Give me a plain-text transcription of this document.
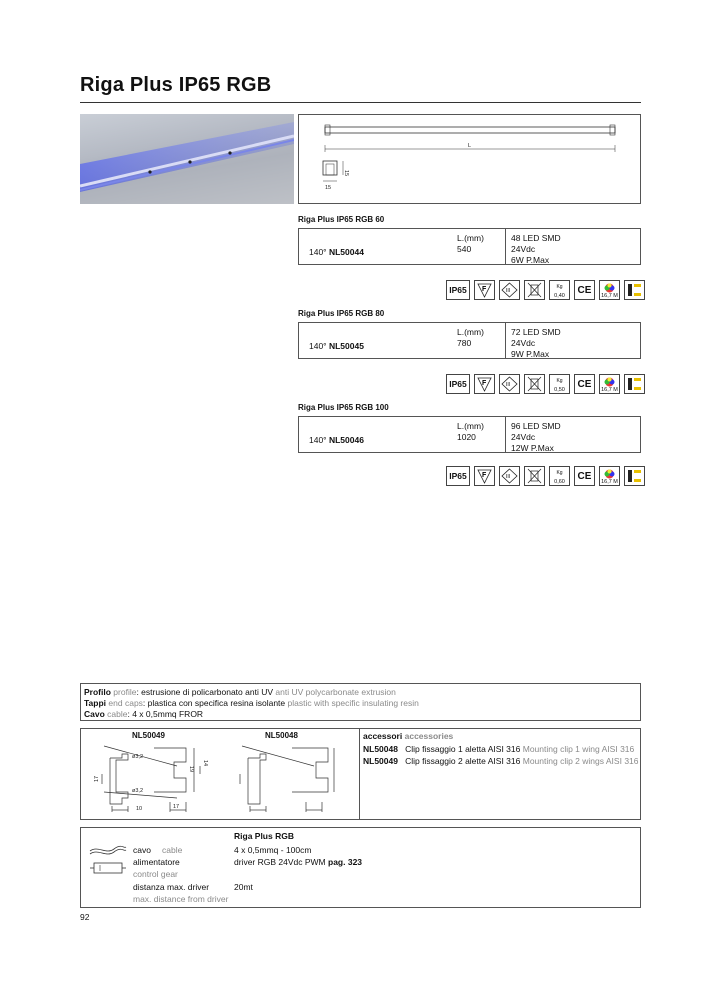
Riga Plus IP65 RGB
L
15
15
Riga Plus IP65 RGB 60
140° NL50044
L.(mm)
540
48 LED SMD
24Vdc
6W P.Max
IP65	F	III
Kg
0,40
CE
16,7 M
Riga Plus IP65 RGB 80
140° NL50045
L.(mm)
780
72 LED SMD
24Vdc
9W P.Max
IP65	F	III
Kg
0,50
CE
16,7 M
Riga Plus IP65 RGB 100
140° NL50046
L.(mm)
1020
96 LED SMD
24Vdc
12W P.Max
IP65	F	III
Kg
0,60
CE
16,7 M
Profilo profile: estrusione di policarbonato anti UV anti UV polycarbonate extrusion
Tappi end caps: plastica con specifica resina isolante plastic with specific insulating resin
Cavo cable: 4 x 0,5mmq FROR
NL50049	NL50048
ø3,2
ø3,2
17
14
19
10	17
accessori accessories
NL50048 Clip fissaggio 1 aletta AISI 316 Mounting clip 1 wing AISI 316
NL50049 Clip fissaggio 2 alette AISI 316 Mounting clip 2 wings AISI 316
Riga Plus RGB
cavo cable	4 x 0,5mmq - 100cm
alimentatore	driver RGB 24Vdc PWM pag. 323
control gear
distanza max. driver	20mt
max. distance from driver
92
